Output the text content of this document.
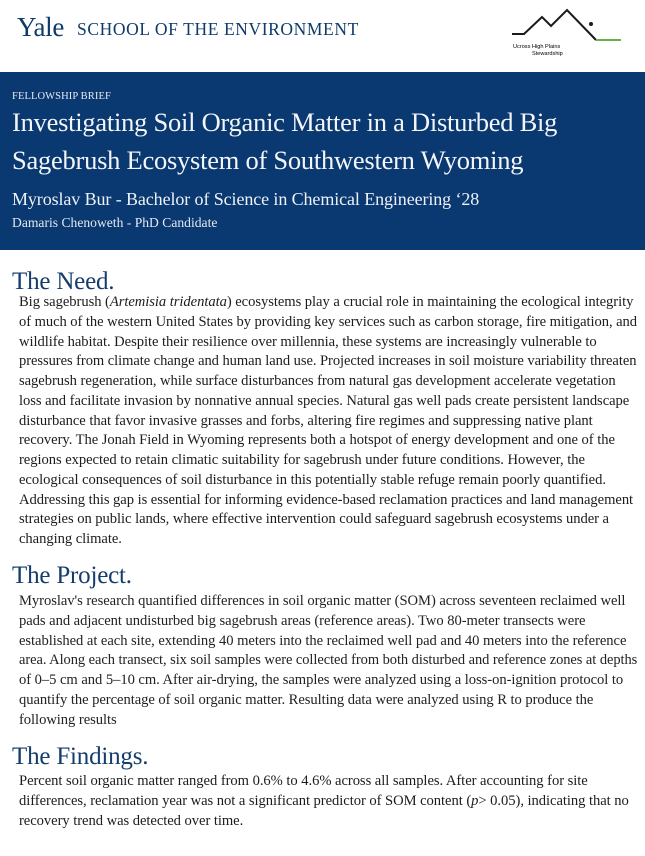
Yale SCHOOL OF THE ENVIRONMENT
Ucross High Plains
Stewardship
FELLOWSHIP BRIEF
Investigating Soil Organic Matter in a Disturbed Big
Sagebrush Ecosystem of Southwestern Wyoming
Myroslav Bur - Bachelor of Science in Chemical Engineering ‘28
Damaris Chenoweth - PhD Candidate
The Need.
Big sagebrush (Artemisia tridentata) ecosystems play a crucial role in maintaining the ecological integrity
of much of the western United States by providing key services such as carbon storage, fire mitigation, and
wildlife habitat. Despite their resilience over millennia, these systems are increasingly vulnerable to
pressures from climate change and human land use. Projected increases in soil moisture variability threaten
sagebrush regeneration, while surface disturbances from natural gas development accelerate vegetation
loss and facilitate invasion by nonnative annual species. Natural gas well pads create persistent landscape
disturbance that favor invasive grasses and forbs, altering fire regimes and suppressing native plant
recovery. The Jonah Field in Wyoming represents both a hotspot of energy development and one of the
regions expected to retain climatic suitability for sagebrush under future conditions. However, the
ecological consequences of soil disturbance in this potentially stable refuge remain poorly quantified.
Addressing this gap is essential for informing evidence-based reclamation practices and land management
strategies on public lands, where effective intervention could safeguard sagebrush ecosystems under a
changing climate.
The Project.
Myroslav's research quantified differences in soil organic matter (SOM) across seventeen reclaimed well
pads and adjacent undisturbed big sagebrush areas (reference areas). Two 80-meter transects were
established at each site, extending 40 meters into the reclaimed well pad and 40 meters into the reference
area. Along each transect, six soil samples were collected from both disturbed and reference zones at depths
of 0–5 cm and 5–10 cm. After air-drying, the samples were analyzed using a loss-on-ignition protocol to
quantify the percentage of soil organic matter. Resulting data were analyzed using R to produce the
following results
The Findings.
Percent soil organic matter ranged from 0.6% to 4.6% across all samples. After accounting for site
differences, reclamation year was not a significant predictor of SOM content (p> 0.05), indicating that no
recovery trend was detected over time.
